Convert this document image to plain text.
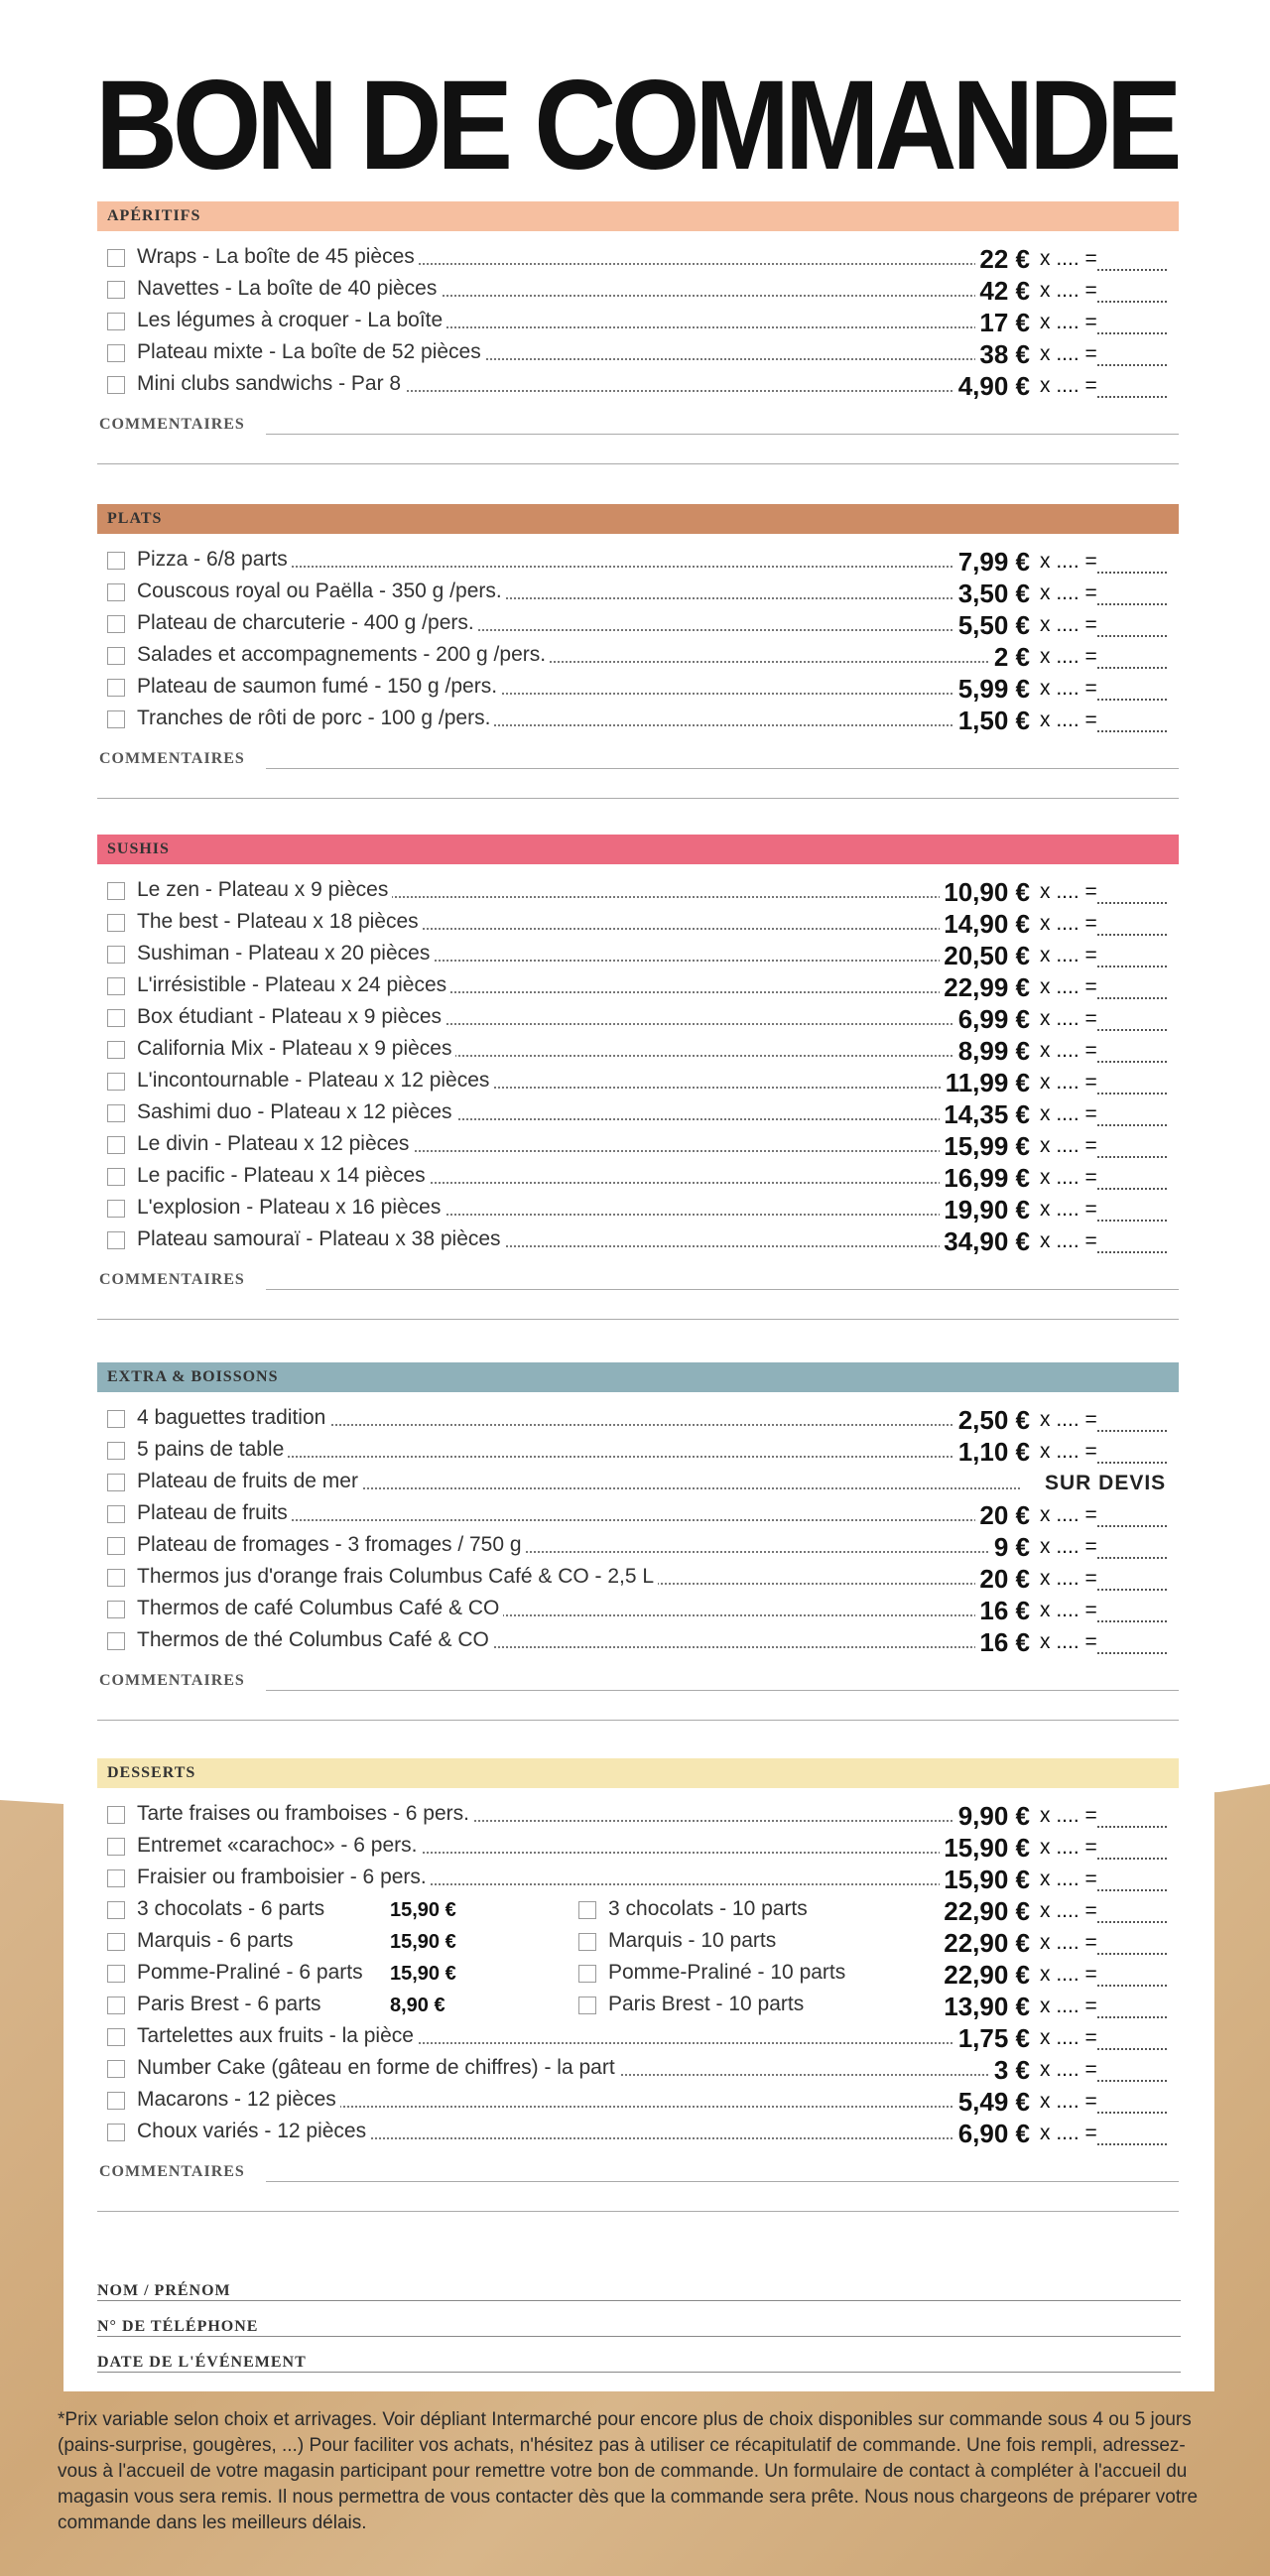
BON DE COMMANDE
APÉRITIFS
Wraps - La boîte de 45 pièces	22 € x .... =
Navettes - La boîte de 40 pièces	42 € x .... =
Les légumes à croquer - La boîte	17 € x .... =
Plateau mixte - La boîte de 52 pièces	38 € x .... =
Mini clubs sandwichs - Par 8	4,90 € x .... =
COMMENTAIRES
PLATS
Pizza - 6/8 parts	7,99 € x .... =
Couscous royal ou Paëlla - 350 g /pers.	3,50 € x .... =
Plateau de charcuterie - 400 g /pers.	5,50 € x .... =
Salades et accompagnements - 200 g /pers.	2 € x .... =
Plateau de saumon fumé - 150 g /pers.	5,99 € x .... =
Tranches de rôti de porc - 100 g /pers.	1,50 € x .... =
COMMENTAIRES
SUSHIS
Le zen - Plateau x 9 pièces	10,90 € x .... =
The best - Plateau x 18 pièces	14,90 € x .... =
Sushiman - Plateau x 20 pièces	20,50 € x .... =
L'irrésistible - Plateau x 24 pièces	22,99 € x .... =
Box étudiant - Plateau x 9 pièces	6,99 € x .... =
California Mix - Plateau x 9 pièces	8,99 € x .... =
L'incontournable - Plateau x 12 pièces	11,99 € x .... =
Sashimi duo - Plateau x 12 pièces	14,35 € x .... =
Le divin - Plateau x 12 pièces	15,99 € x .... =
Le pacific - Plateau x 14 pièces	16,99 € x .... =
L'explosion - Plateau x 16 pièces	19,90 € x .... =
Plateau samouraï - Plateau x 38 pièces	34,90 € x .... =
COMMENTAIRES
EXTRA & BOISSONS
4 baguettes tradition	2,50 € x .... =
5 pains de table	1,10 € x .... =
Plateau de fruits de mer	SUR DEVIS
Plateau de fruits	20 € x .... =
Plateau de fromages - 3 fromages / 750 g	9 € x .... =
Thermos jus d'orange frais Columbus Café & CO - 2,5 L	20 € x .... =
Thermos de café Columbus Café & CO	16 € x .... =
Thermos de thé Columbus Café & CO	16 € x .... =
COMMENTAIRES
DESSERTS
Tarte fraises ou framboises - 6 pers.	9,90 € x .... =
Entremet «carachoc» - 6 pers.	15,90 € x .... =
Fraisier ou framboisier - 6 pers.	15,90 € x .... =
3 chocolats - 6 parts	15,90 €	3 chocolats - 10 parts	22,90 € x .... =
Marquis - 6 parts	15,90 €	Marquis - 10 parts	22,90 € x .... =
Pomme-Praliné - 6 parts 15,90 €	Pomme-Praliné - 10 parts	22,90 € x .... =
Paris Brest - 6 parts	8,90 €	Paris Brest - 10 parts	13,90 € x .... =
Tartelettes aux fruits - la pièce	1,75 € x .... =
Number Cake (gâteau en forme de chiffres) - la part	3 € x .... =
Macarons - 12 pièces	5,49 € x .... =
Choux variés - 12 pièces	6,90 € x .... =
COMMENTAIRES
NOM / PRÉNOM
N° DE TÉLÉPHONE
DATE DE L'ÉVÉNEMENT

*Prix variable selon choix et arrivages. Voir dépliant Intermarché pour encore plus de choix disponibles sur commande sous 4 ou 5 jours (pains-surprise, gougères, ...) Pour faciliter vos achats, n'hésitez pas à utiliser ce récapitulatif de commande. Une fois rempli, adressez-vous à l'accueil de votre magasin participant pour remettre votre bon de commande. Un formulaire de contact à compléter à l'accueil du magasin vous sera remis. Il nous permettra de vous contacter dès que la commande sera prête. Nous nous chargeons de préparer votre commande dans les meilleurs délais.
